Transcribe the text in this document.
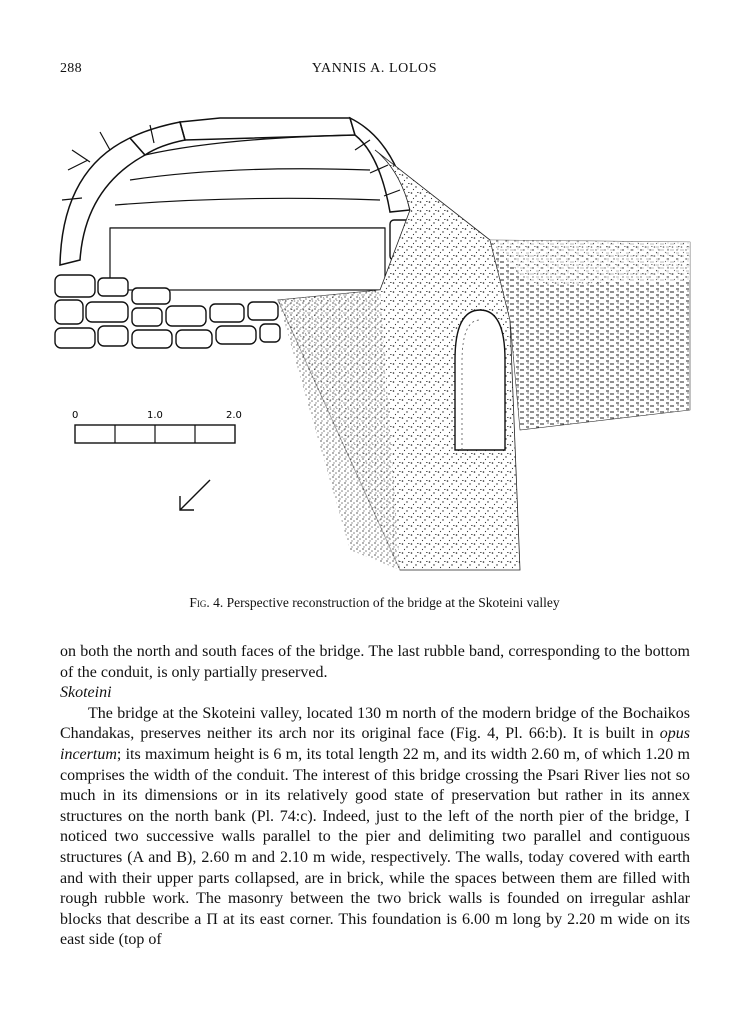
288	YANNIS A. LOLOS
0	1.0	2.0
Fig. 4. Perspective reconstruction of the bridge at the Skoteini valley

on both the north and south faces of the bridge. The last rubble band, corresponding to the bottom of the conduit, is only partially preserved.

Skoteini

The bridge at the Skoteini valley, located 130 m north of the modern bridge of the Bochaikos Chandakas, preserves neither its arch nor its original face (Fig. 4, Pl. 66:b). It is built in opus incertum; its maximum height is 6 m, its total length 22 m, and its width 2.60 m, of which 1.20 m comprises the width of the conduit. The interest of this bridge crossing the Psari River lies not so much in its dimensions or in its relatively good state of preservation but rather in its annex structures on the north bank (Pl. 74:c). Indeed, just to the left of the north pier of the bridge, I noticed two successive walls parallel to the pier and delimiting two parallel and contiguous structures (A and B), 2.60 m and 2.10 m wide, respectively. The walls, today covered with earth and with their upper parts collapsed, are in brick, while the spaces between them are filled with rough rubble work. The masonry between the two brick walls is founded on irregular ashlar blocks that describe a Π at its east corner. This foundation is 6.00 m long by 2.20 m wide on its east side (top of
